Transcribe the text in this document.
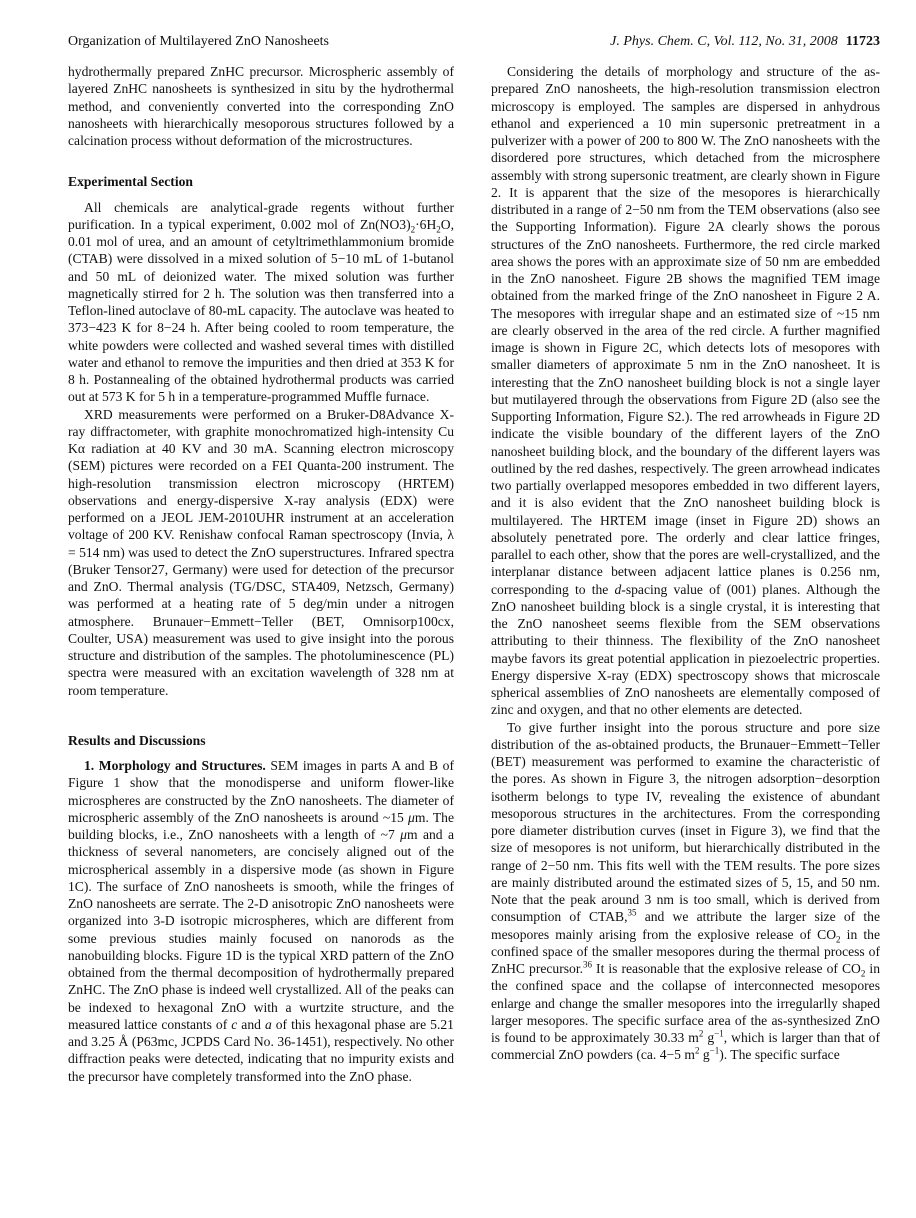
Organization of Multilayered ZnO Nanosheets	J. Phys. Chem. C, Vol. 112, No. 31, 2008 11723

hydrothermally prepared ZnHC precursor. Microspheric assembly of layered ZnHC nanosheets is synthesized in situ by the hydrothermal method, and conveniently converted into the corresponding ZnO nanosheets with hierarchically mesoporous structures followed by a calcination process without deformation of the microstructures.

Experimental Section

All chemicals are analytical-grade regents without further purification. In a typical experiment, 0.002 mol of $Zn(NO3)_2\cdot 6H_2O$, 0.01 mol of urea, and an amount of cetyltrimethlammonium bromide (CTAB) were dissolved in a mixed solution of 5−10 mL of 1-butanol and 50 mL of deionized water. The mixed solution was further magnetically stirred for 2 h. The solution was then transferred into a Teflon-lined autoclave of 80-mL capacity. The autoclave was heated to 373−423 K for 8−24 h. After being cooled to room temperature, the white powders were collected and washed several times with distilled water and ethanol to remove the impurities and then dried at 353 K for 8 h. Postannealing of the obtained hydrothermal products was carried out at 573 K for 5 h in a temperature-programmed Muffle furnace.

XRD measurements were performed on a Bruker-D8Advance X-ray diffractometer, with graphite monochromatized high-intensity Cu Kα radiation at 40 KV and 30 mA. Scanning electron microscopy (SEM) pictures were recorded on a FEI Quanta-200 instrument. The high-resolution transmission electron microscopy (HRTEM) observations and energy-dispersive X-ray analysis (EDX) were performed on a JEOL JEM-2010UHR instrument at an acceleration voltage of 200 KV. Renishaw confocal Raman spectroscopy (Invia, λ = 514 nm) was used to detect the ZnO superstructures. Infrared spectra (Bruker Tensor27, Germany) were used for detection of the precursor and ZnO. Thermal analysis (TG/DSC, STA409, Netzsch, Germany) was performed at a heating rate of 5 deg/min under a nitrogen atmosphere. Brunauer−Emmett−Teller (BET, Omnisorp100cx, Coulter, USA) measurement was used to give insight into the porous structure and distribution of the samples. The photoluminescence (PL) spectra were measured with an excitation wavelength of 328 nm at room temperature.

Results and Discussions

1. Morphology and Structures. SEM images in parts A and B of Figure 1 show that the monodisperse and uniform flower-like microspheres are constructed by the ZnO nanosheets. The diameter of microspheric assembly of the ZnO nanosheets is around ~15 μm. The building blocks, i.e., ZnO nanosheets with a length of ~7 μm and a thickness of several nanometers, are concisely aligned out of the microspherical assembly in a dispersive mode (as shown in Figure 1C). The surface of ZnO nanosheets is smooth, while the fringes of ZnO nanosheets are serrate. The 2-D anisotropic ZnO nanosheets were organized into 3-D isotropic microspheres, which are different from some previous studies mainly focused on nanorods as the nanobuilding blocks. Figure 1D is the typical XRD pattern of the ZnO obtained from the thermal decomposition of hydrothermally prepared ZnHC. The ZnO phase is indeed well crystallized. All of the peaks can be indexed to hexagonal ZnO with a wurtzite structure, and the measured lattice constants of c and a of this hexagonal phase are 5.21 and 3.25 Å (P63mc, JCPDS Card No. 36-1451), respectively. No other diffraction peaks were detected, indicating that no impurity exists and the precursor have completely transformed into the ZnO phase.

Considering the details of morphology and structure of the as-prepared ZnO nanosheets, the high-resolution transmission electron microscopy is employed. The samples are dispersed in anhydrous ethanol and experienced a 10 min supersonic pretreatment in a pulverizer with a power of 200 to 800 W. The ZnO nanosheets with the disordered pore structures, which detached from the microsphere assembly with strong supersonic treatment, are clearly shown in Figure 2. It is apparent that the size of the mesopores is hierarchically distributed in a range of 2−50 nm from the TEM observations (also see the Supporting Information). Figure 2A clearly shows the porous structures of the ZnO nanosheets. Furthermore, the red circle marked area shows the pores with an approximate size of 50 nm are embedded in the ZnO nanosheet. Figure 2B shows the magnified TEM image obtained from the marked fringe of the ZnO nanosheet in Figure 2 A. The mesopores with irregular shape and an estimated size of ~15 nm are clearly observed in the area of the red circle. A further magnified image is shown in Figure 2C, which detects lots of mesopores with smaller diameters of approximate 5 nm in the ZnO nanosheet. It is interesting that the ZnO nanosheet building block is not a single layer but mutilayered through the observations from Figure 2D (also see the Supporting Information, Figure S2.). The red arrowheads in Figure 2D indicate the visible boundary of the different layers of the ZnO nanosheet building block, and the boundary of the different layers was outlined by the red dashes, respectively. The green arrowhead indicates two partially overlapped mesopores embedded in two different layers, and it is also evident that the ZnO nanosheet building block is multilayered. The HRTEM image (inset in Figure 2D) shows an absolutely penetrated pore. The orderly and clear lattice fringes, parallel to each other, show that the pores are well-crystallized, and the interplanar distance between adjacent lattice planes is 0.256 nm, corresponding to the d-spacing value of (001) planes. Although the ZnO nanosheet building block is a single crystal, it is interesting that the ZnO nanosheet seems flexible from the SEM observations attributing to their thinness. The flexibility of the ZnO nanosheet maybe favors its great potential application in piezoelectric properties. Energy dispersive X-ray (EDX) spectroscopy shows that microscale spherical assemblies of ZnO nanosheets are elementally composed of zinc and oxygen, and that no other elements are detected.

To give further insight into the porous structure and pore size distribution of the as-obtained products, the Brunauer−Emmett−Teller (BET) measurement was performed to examine the characteristic of the pores. As shown in Figure 3, the nitrogen adsorption−desorption isotherm belongs to type IV, revealing the existence of abundant mesoporous structures in the architectures. From the corresponding pore diameter distribution curves (inset in Figure 3), we find that the size of mesopores is not uniform, but hierarchically distributed in the range of 2−50 nm. This fits well with the TEM results. The pore sizes are mainly distributed around the estimated sizes of 5, 15, and 50 nm. Note that the peak around 3 nm is too small, which is derived from consumption of CTAB,$^{35}$ and we attribute the larger size of the mesopores mainly arising from the explosive release of $CO_2$ in the confined space of the smaller mesopores during the thermal process of ZnHC precursor.$^{36}$ It is reasonable that the explosive release of $CO_2$ in the confined space and the collapse of interconnected mesopores enlarge and change the smaller mesopores into the irregularlly shaped larger mesopores. The specific surface area of the as-synthesized ZnO is found to be approximately 30.33 $m^2$ $g^{-1}$, which is larger than that of commercial ZnO powders (ca. 4−5 $m^2$ $g^{-1}$). The specific surface
